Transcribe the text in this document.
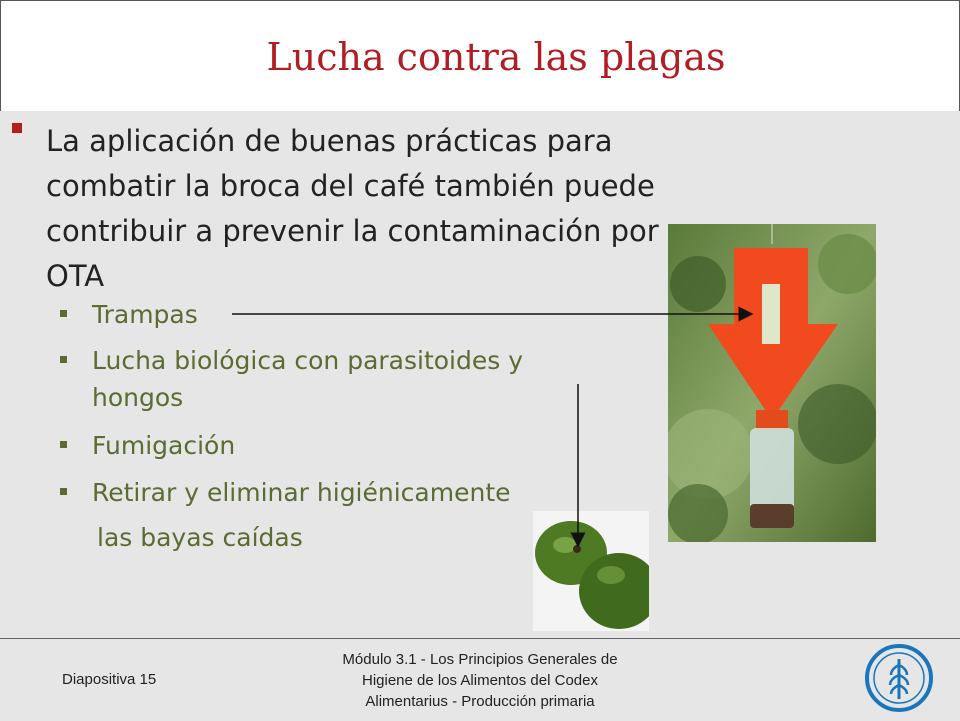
Lucha contra las plagas
La aplicación de buenas prácticas para combatir la broca del café también puede contribuir a prevenir la contaminación por OTA
Trampas
Lucha biológica con parasitoides y
hongos
Fumigación
Retirar y eliminar higiénicamente
las bayas caídas
Diapositiva 15
Módulo 3.1 - Los Principios Generales de
Higiene de los Alimentos del Codex
Alimentarius - Producción primaria
